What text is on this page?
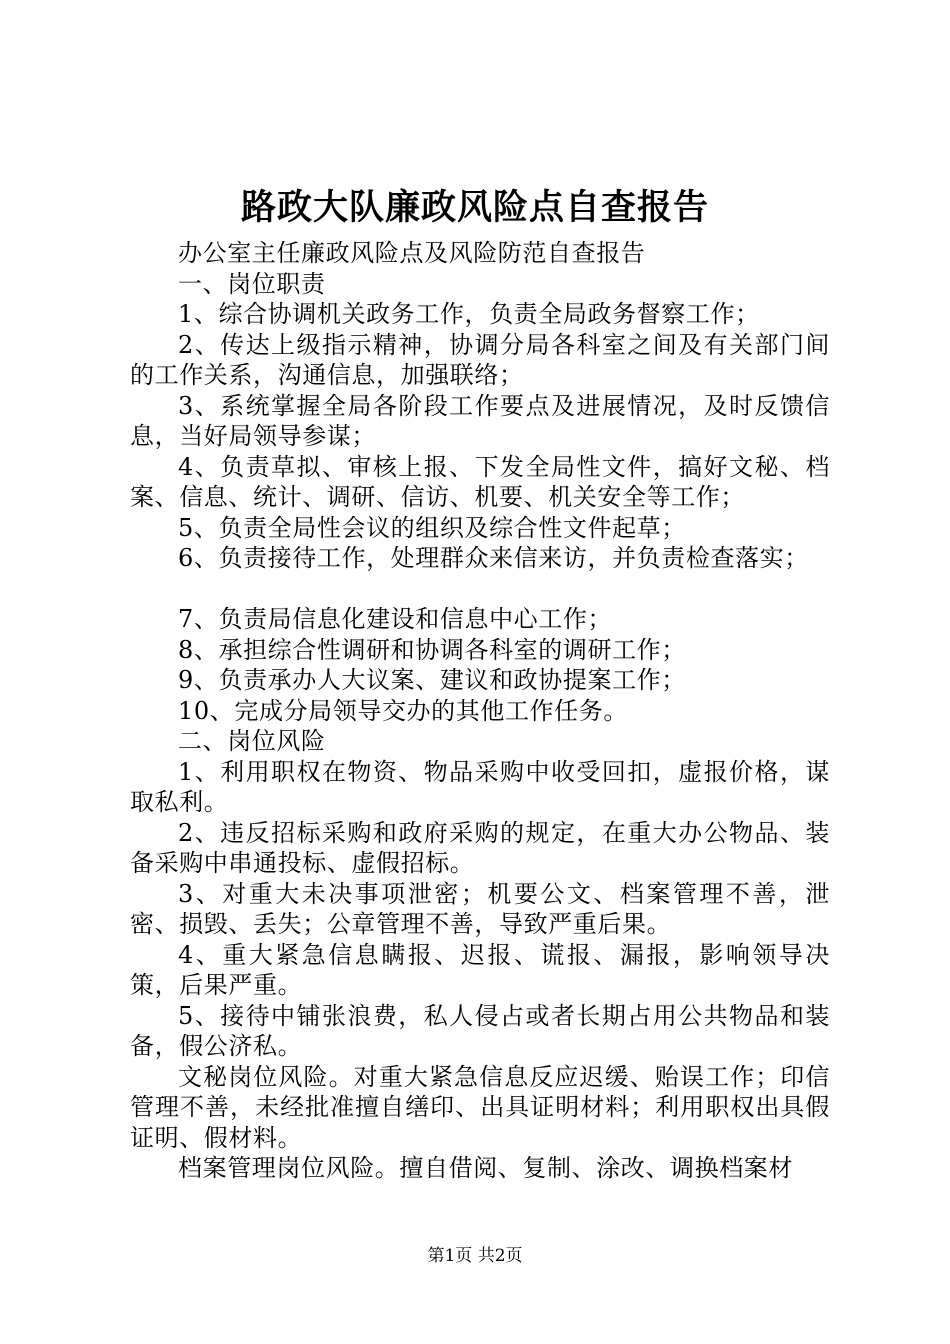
路政大队廉政风险点自查报告

办公室主任廉政风险点及风险防范自查报告

一、岗位职责

1、综合协调机关政务工作，负责全局政务督察工作；

2、传达上级指示精神，协调分局各科室之间及有关部门间的工作关系，沟通信息，加强联络；

3、系统掌握全局各阶段工作要点及进展情况，及时反馈信息，当好局领导参谋；

4、负责草拟、审核上报、下发全局性文件，搞好文秘、档案、信息、统计、调研、信访、机要、机关安全等工作；

5、负责全局性会议的组织及综合性文件起草；

6、负责接待工作，处理群众来信来访，并负责检查落实；

7、负责局信息化建设和信息中心工作；

8、承担综合性调研和协调各科室的调研工作；

9、负责承办人大议案、建议和政协提案工作；

10、完成分局领导交办的其他工作任务。

二、岗位风险

1、利用职权在物资、物品采购中收受回扣，虚报价格，谋取私利。

2、违反招标采购和政府采购的规定，在重大办公物品、装备采购中串通投标、虚假招标。

3、对重大未决事项泄密；机要公文、档案管理不善，泄密、损毁、丢失；公章管理不善，导致严重后果。

4、重大紧急信息瞒报、迟报、谎报、漏报，影响领导决策，后果严重。

5、接待中铺张浪费，私人侵占或者长期占用公共物品和装备，假公济私。

文秘岗位风险。对重大紧急信息反应迟缓、贻误工作；印信管理不善，未经批准擅自缮印、出具证明材料；利用职权出具假证明、假材料。

档案管理岗位风险。擅自借阅、复制、涂改、调换档案材

第1页 共2页
